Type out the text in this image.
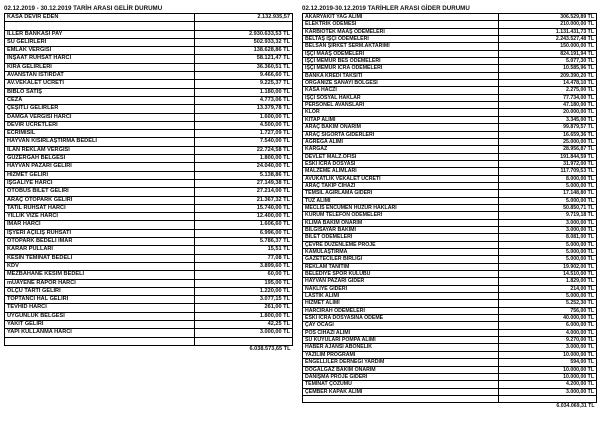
02.12.2019 - 30.12.2019 TARİH ARASI GELİR DURUMU
KASA DEVİR EDEN	2.132.935,57

İLLER BANKASI PAY	2.930.633,53 TL
SU GELİRLERİ	502.933,32 TL
EMLAK VERGİSİ	138.628,86 TL
İNŞAAT RUHSAT HARCI	58.121,47 TL
KİRA GELİRLERİ	36.360,51 TL
AVANSTAN İSTİRDAT	9.466,60 TL
AV.VEKALET ÜCRETİ	9.225,37 TL
BİBLO SATIŞ	1.180,00 TL
CEZA	4.773,06 TL
ÇEŞİTLİ GELİRLER	13.379,78 TL
DAMGA VERGİSİ HARCI	1.600,00 TL
DEVİR ÜCRETLERİ	4.500,00 TL
ECRİMİSİL	1.727,09 TL
HAYVAN KISIRLAŞTIRMA BEDELİ	7.540,00 TL
İLAN REKLAM VERGİSİ	22.724,58 TL
GÜZERGAH BELGESİ	1.800,00 TL
HAYVAN PAZARI GELİRİ	24.040,00 TL
HİZMET GELİRİ	5.138,86 TL
İŞGALİYE HARCI	27.149,38 TL
OTOBÜS BİLET GELİRİ	27.214,00 TL
ARAÇ OTOPARK GELİRİ	21.367,32 TL
TATİL RUHSAT HARCI	15.740,00 TL
YILLIK VİZE HARCI	12.400,00 TL
İMAR HARCI	1.606,60 TL
İŞYERİ AÇILIŞ RUHSATI	6.996,00 TL
OTOPARK BEDELİ İMAR	5.786,37 TL
KARAR PULLARI	15,51 TL
KESİN TEMİNAT BEDELİ	77,08 TL
KDV	3.899,60 TL
MEZBAHANE KESİM BEDELİ	60,00 TL
mUAYENE RAPOR HARCI	195,00 TL
ÖLÇÜ TARTI GELİRİ	1.220,00 TL
TOPTANCI HAL GELİRİ	3.077,15 TL
TEVHİD HARCI	261,00 TL
UYGUNLUK BELGESİ	1.800,00 TL
YAKIT GELİRİ	42,25 TL
YAPI KULLANMA HARCI	3.000,00 TL

	6.038.573,65 TL
02.12.2019-30.12.2019 TARİHLER ARASI GİDER DURUMU
AKARYAKIT YAĞ ALIMI	306.529,89 TL
ELEKTRİK ÖDEMESİ	210.000,00 TL
KARBİOTEK MAAŞ ÖDEMELERİ	1.131.431,73 TL
BELTAŞ İŞÇİ ÖDEMELERİ	2.243.527,48 TL
BELSAN ŞİRKET SERM.AKTARIMI	150.000,00 TL
İŞÇİ MAAŞ ÖDEMELERİ	824.191,94 TL
İŞÇİ MEMUR BES ÖDEMELERİ	5.077,30 TL
İŞÇİ MEMUR İCRA ÖDEMELERİ	10.585,96 TL
BANKA KREDİ TAKSİTİ	209.390,20 TL
ORGANİZE SANAYİ BÖLGESİ	14.478,10 TL
KASA HACZİ	2.275,00 TL
İŞÇİ SOSYAL HAKLAR	77.734,00 TL
PERSONEL AVANSLARI	47.180,00 TL
KLOR	20.000,00 TL
KİTAP ALIMI	3.345,00 TL
ARAÇ BAKIM ONARIM	99.879,57 TL
ARAÇ SİGORTA GİDERLERİ	16.659,36 TL
AGREGA ALIMI	25.000,00 TL
KARGAZ	28.956,87 TL
DEVLET MALZ.OFİSİ	191.844,59 TL
ESKİ İCRA DOSYASI	31.972,00 TL
MALZEME ALIMLARI	117.709,53 TL
AVUKATLIK VEKALET ÜCRETİ	8.000,00 TL
ARAÇ TAKİP CİHAZI	5.000,00 TL
TEMSİL AĞIRLAMA GİDERİ	17.148,80 TL
TUZ ALIMI	5.000,00 TL
MECLİS ENCÜMEN HUZUR HAKLARI	50.850,71 TL
KURUM TELEFON ÖDEMELERİ	9.719,18 TL
KLİMA BAKIM ONARIM	3.000,00 TL
BİLGİSAYAR BAKIMI	3.000,00 TL
BİLET ÖDEMELERİ	8.081,00 TL
ÇEVRE DÜZENLEME PROJE	5.000,00 TL
KAMULAŞTIRMA	5.000,00 TL
GAZETECİLER BİRLİĞİ	5.000,00 TL
REKLAM TANITIM	19.902,00 TL
BELEDİYE SPOR KULÜBÜ	14.510,00 TL
HAYVAN PAZARI GİDER	1.829,00 TL
NAKLİYE GİDERİ	214,00 TL
LASTİK ALIMI	5.000,00 TL
HİZMET ALIMI	5.252,30 TL
HARCIRAH ÖDEMELERİ	756,00 TL
ESKİ İCRA DOSYASINA ÖDEME	40.000,00 TL
ÇAY OCAĞI	6.000,00 TL
POS CİHAZI ALIMI	4.000,00 TL
SU KUYULARI POMPA ALIMI	9.270,00 TL
HABER AJANSI ABONELİK	3.000,00 TL
YAZILIM PROGRAMI	10.000,00 TL
ENGELLİLER DERNEĞİ YARDIM	594,00 TL
DOĞALGAZ BAKIM ONARIM	10.000,00 TL
DANIŞMA PROJE GİDERİ	10.000,00 TL
TEMİNAT ÇÖZÜMÜ	4.200,00 TL
ÇEMBER KAPAK ALIMI	3.000,00 TL

	6.034.069,31 TL
